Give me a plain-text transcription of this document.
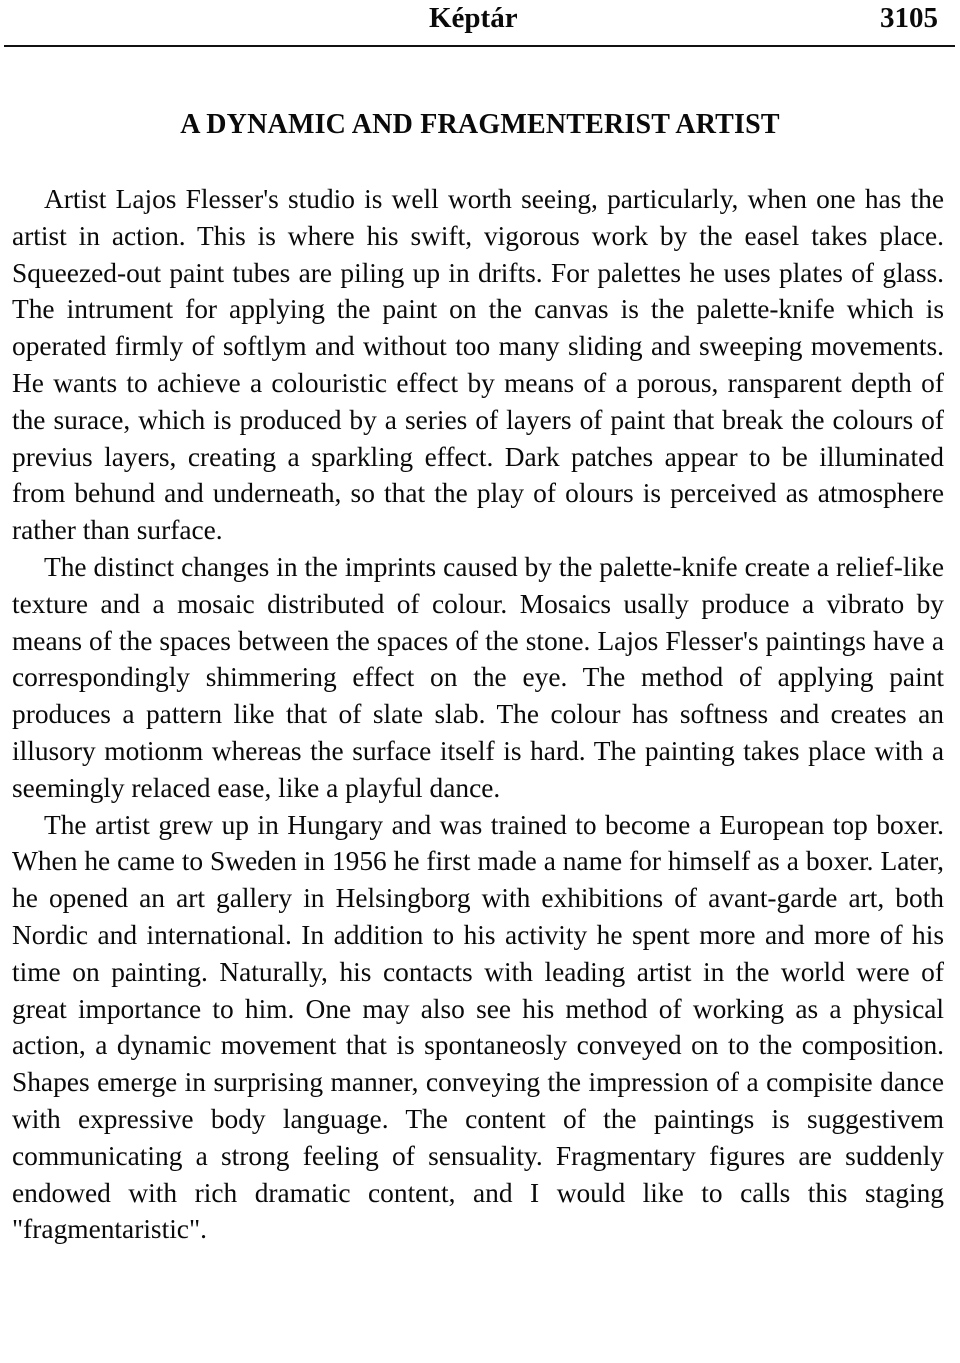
Képtár	3105
A DYNAMIC AND FRAGMENTERIST ARTIST

Artist Lajos Flesser's studio is well worth seeing, particularly, when one has the artist in action. This is where his swift, vigorous work by the easel takes place. Squeezed-out paint tubes are piling up in drifts. For palettes he uses plates of glass. The intrument for applying the paint on the canvas is the palette-knife which is operated firmly of softlym and without too many sliding and sweeping movements. He wants to achieve a colouristic effect by means of a porous, ransparent depth of the surace, which is produced by a series of layers of paint that break the colours of previus layers, creating a sparkling effect. Dark patches appear to be illuminated from behund and underneath, so that the play of olours is perceived as atmosphere rather than surface.

The distinct changes in the imprints caused by the palette-knife create a relief-like texture and a mosaic distributed of colour. Mosaics usally produce a vibrato by means of the spaces between the spaces of the stone. Lajos Flesser's paintings have a correspondingly shimmering effect on the eye. The method of applying paint produces a pattern like that of slate slab. The colour has softness and creates an illusory motionm whereas the surface itself is hard. The painting takes place with a seemingly relaced ease, like a playful dance.

The artist grew up in Hungary and was trained to become a European top boxer. When he came to Sweden in 1956 he first made a name for himself as a boxer. Later, he opened an art gallery in Helsingborg with exhibitions of avant-garde art, both Nordic and international. In addition to his activity he spent more and more of his time on painting. Naturally, his contacts with leading artist in the world were of great importance to him. One may also see his method of working as a physical action, a dynamic movement that is spontaneosly conveyed on to the composition. Shapes emerge in surprising manner, conveying the impression of a compisite dance with expressive body language. The content of the paintings is suggestivem communicating a strong feeling of sensuality. Fragmentary figures are suddenly endowed with rich dramatic content, and I would like to calls this staging "fragmentaristic".
